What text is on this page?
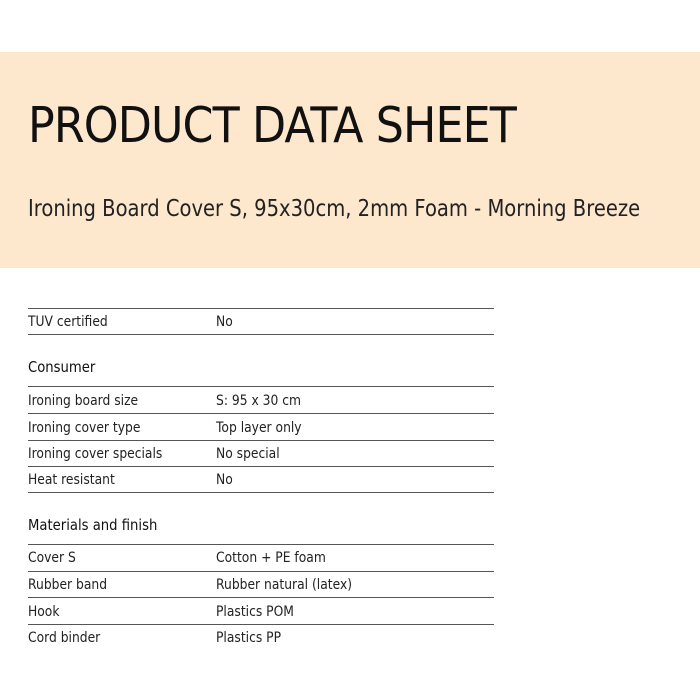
PRODUCT DATA SHEET
Ironing Board Cover S, 95x30cm, 2mm Foam - Morning Breeze
TUV certified	No
Consumer
Ironing board size	S: 95 x 30 cm
Ironing cover type	Top layer only
Ironing cover specials	No special
Heat resistant	No
Materials and finish
Cover S	Cotton + PE foam
Rubber band	Rubber natural (latex)
Hook	Plastics POM
Cord binder	Plastics PP
